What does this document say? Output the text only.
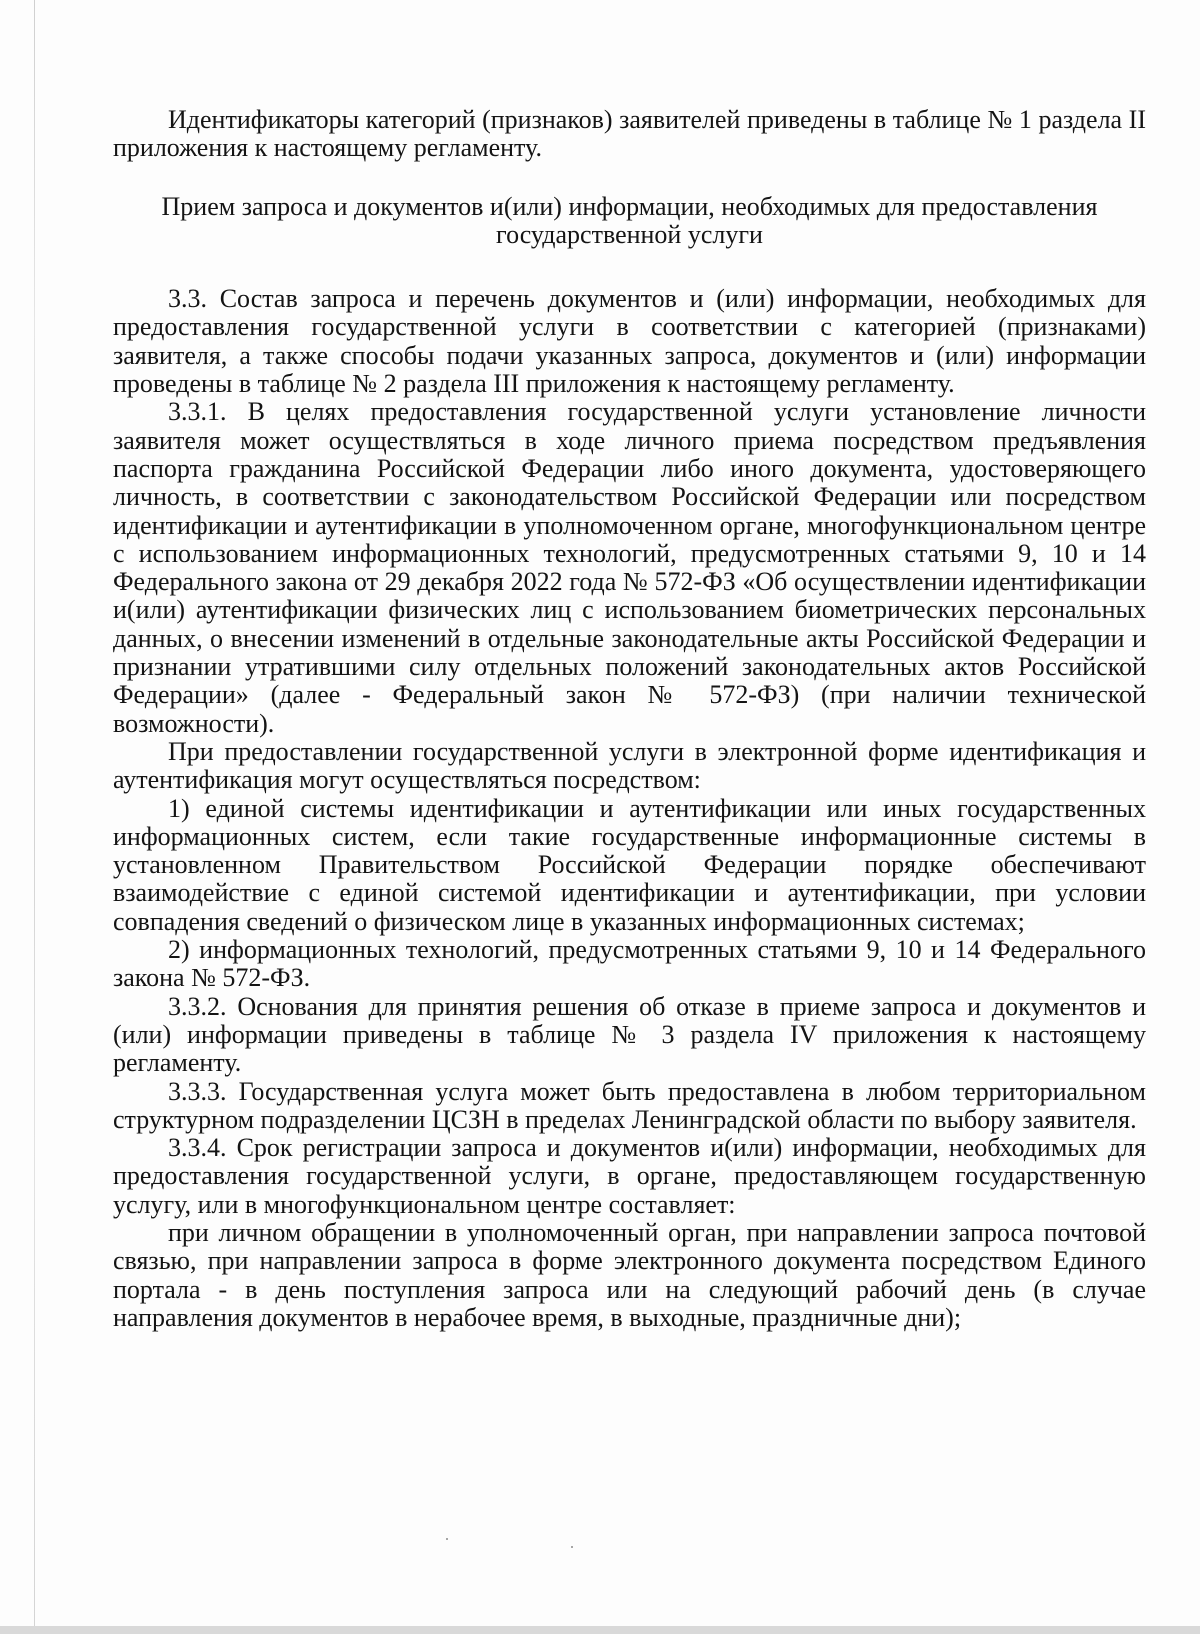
Идентификаторы категорий (признаков) заявителей приведены в таблице № 1 раздела II приложения к настоящему регламенту.

Прием запроса и документов и(или) информации, необходимых для предоставления государственной услуги

3.3. Состав запроса и перечень документов и (или) информации, необходимых для предоставления государственной услуги в соответствии с категорией (признаками) заявителя, а также способы подачи указанных запроса, документов и (или) информации проведены в таблице № 2 раздела III приложения к настоящему регламенту.

3.3.1. В целях предоставления государственной услуги установление личности заявителя может осуществляться в ходе личного приема посредством предъявления паспорта гражданина Российской Федерации либо иного документа, удостоверяющего личность, в соответствии с законодательством Российской Федерации или посредством идентификации и аутентификации в уполномоченном органе, многофункциональном центре с использованием информационных технологий, предусмотренных статьями 9, 10 и 14 Федерального закона от 29 декабря 2022 года № 572-ФЗ «Об осуществлении идентификации и(или) аутентификации физических лиц с использованием биометрических персональных данных, о внесении изменений в отдельные законодательные акты Российской Федерации и признании утратившими силу отдельных положений законодательных актов Российской Федерации» (далее - Федеральный закон № 572-ФЗ) (при наличии технической возможности).

При предоставлении государственной услуги в электронной форме идентификация и аутентификация могут осуществляться посредством:

1) единой системы идентификации и аутентификации или иных государственных информационных систем, если такие государственные информационные системы в установленном Правительством Российской Федерации порядке обеспечивают взаимодействие с единой системой идентификации и аутентификации, при условии совпадения сведений о физическом лице в указанных информационных системах;

2) информационных технологий, предусмотренных статьями 9, 10 и 14 Федерального закона № 572-ФЗ.

3.3.2. Основания для принятия решения об отказе в приеме запроса и документов и (или) информации приведены в таблице № 3 раздела IV приложения к настоящему регламенту.

3.3.3. Государственная услуга может быть предоставлена в любом территориальном структурном подразделении ЦСЗН в пределах Ленинградской области по выбору заявителя.

3.3.4. Срок регистрации запроса и документов и(или) информации, необходимых для предоставления государственной услуги, в органе, предоставляющем государственную услугу, или в многофункциональном центре составляет:

при личном обращении в уполномоченный орган, при направлении запроса почтовой связью, при направлении запроса в форме электронного документа посредством Единого портала - в день поступления запроса или на следующий рабочий день (в случае направления документов в нерабочее время, в выходные, праздничные дни);
